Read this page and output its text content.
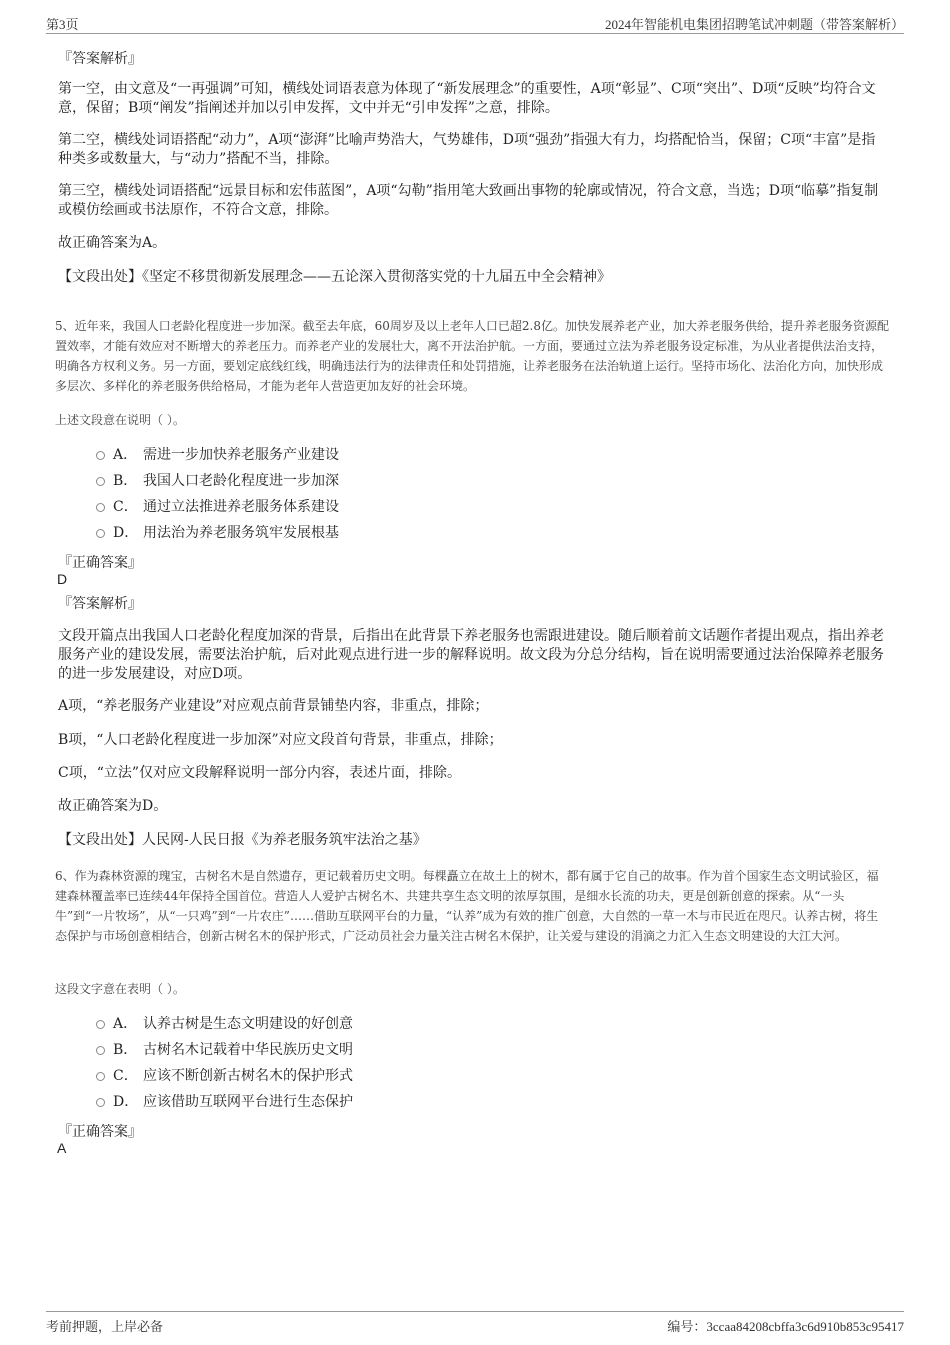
第3页	2024年智能机电集团招聘笔试冲刺题（带答案解析）
『答案解析』
第一空，由文意及“一再强调”可知，横线处词语表意为体现了“新发展理念”的重要性，A项“彰显”、C项“突出”、D项“反映”均符合文意，保留；B项“阐发”指阐述并加以引申发挥，文中并无“引申发挥”之意，排除。
第二空，横线处词语搭配“动力”，A项“澎湃”比喻声势浩大，气势雄伟，D项“强劲”指强大有力，均搭配恰当，保留；C项“丰富”是指种类多或数量大，与“动力”搭配不当，排除。
第三空，横线处词语搭配“远景目标和宏伟蓝图”，A项“勾勒”指用笔大致画出事物的轮廓或情况，符合文意，当选；D项“临摹”指复制或模仿绘画或书法原作，不符合文意，排除。
故正确答案为A。
【文段出处】《坚定不移贯彻新发展理念——五论深入贯彻落实党的十九届五中全会精神》
5、近年来，我国人口老龄化程度进一步加深。截至去年底，60周岁及以上老年人口已超2.8亿。加快发展养老产业，加大养老服务供给，提升养老服务资源配置效率，才能有效应对不断增大的养老压力。而养老产业的发展壮大，离不开法治护航。一方面，要通过立法为养老服务设定标准，为从业者提供法治支持，明确各方权利义务。另一方面，要划定底线红线，明确违法行为的法律责任和处罚措施，让养老服务在法治轨道上运行。坚持市场化、法治化方向，加快形成多层次、多样化的养老服务供给格局，才能为老年人营造更加友好的社会环境。
上述文段意在说明（ ）。
A． 需进一步加快养老服务产业建设
B． 我国人口老龄化程度进一步加深
C． 通过立法推进养老服务体系建设
D． 用法治为养老服务筑牢发展根基
『正确答案』
D
『答案解析』
文段开篇点出我国人口老龄化程度加深的背景，后指出在此背景下养老服务也需跟进建设。随后顺着前文话题作者提出观点，指出养老服务产业的建设发展，需要法治护航，后对此观点进行进一步的解释说明。故文段为分总分结构，旨在说明需要通过法治保障养老服务的进一步发展建设，对应D项。
A项，“养老服务产业建设”对应观点前背景铺垫内容，非重点，排除；
B项，“人口老龄化程度进一步加深”对应文段首句背景，非重点，排除；
C项，“立法”仅对应文段解释说明一部分内容，表述片面，排除。
故正确答案为D。
【文段出处】人民网-人民日报《为养老服务筑牢法治之基》
6、作为森林资源的瑰宝，古树名木是自然遗存，更记载着历史文明。每棵矗立在故土上的树木，都有属于它自己的故事。作为首个国家生态文明试验区，福建森林覆盖率已连续44年保持全国首位。营造人人爱护古树名木、共建共享生态文明的浓厚氛围，是细水长流的功夫，更是创新创意的探索。从“一头牛”到“一片牧场”，从“一只鸡”到“一片农庄”……借助互联网平台的力量，“认养”成为有效的推广创意，大自然的一草一木与市民近在咫尺。认养古树，将生态保护与市场创意相结合，创新古树名木的保护形式，广泛动员社会力量关注古树名木保护，让关爱与建设的涓滴之力汇入生态文明建设的大江大河。
这段文字意在表明（ ）。
A． 认养古树是生态文明建设的好创意
B． 古树名木记载着中华民族历史文明
C． 应该不断创新古树名木的保护形式
D． 应该借助互联网平台进行生态保护
『正确答案』
A
考前押题，上岸必备	编号：3ccaa84208cbffa3c6d910b853c95417
